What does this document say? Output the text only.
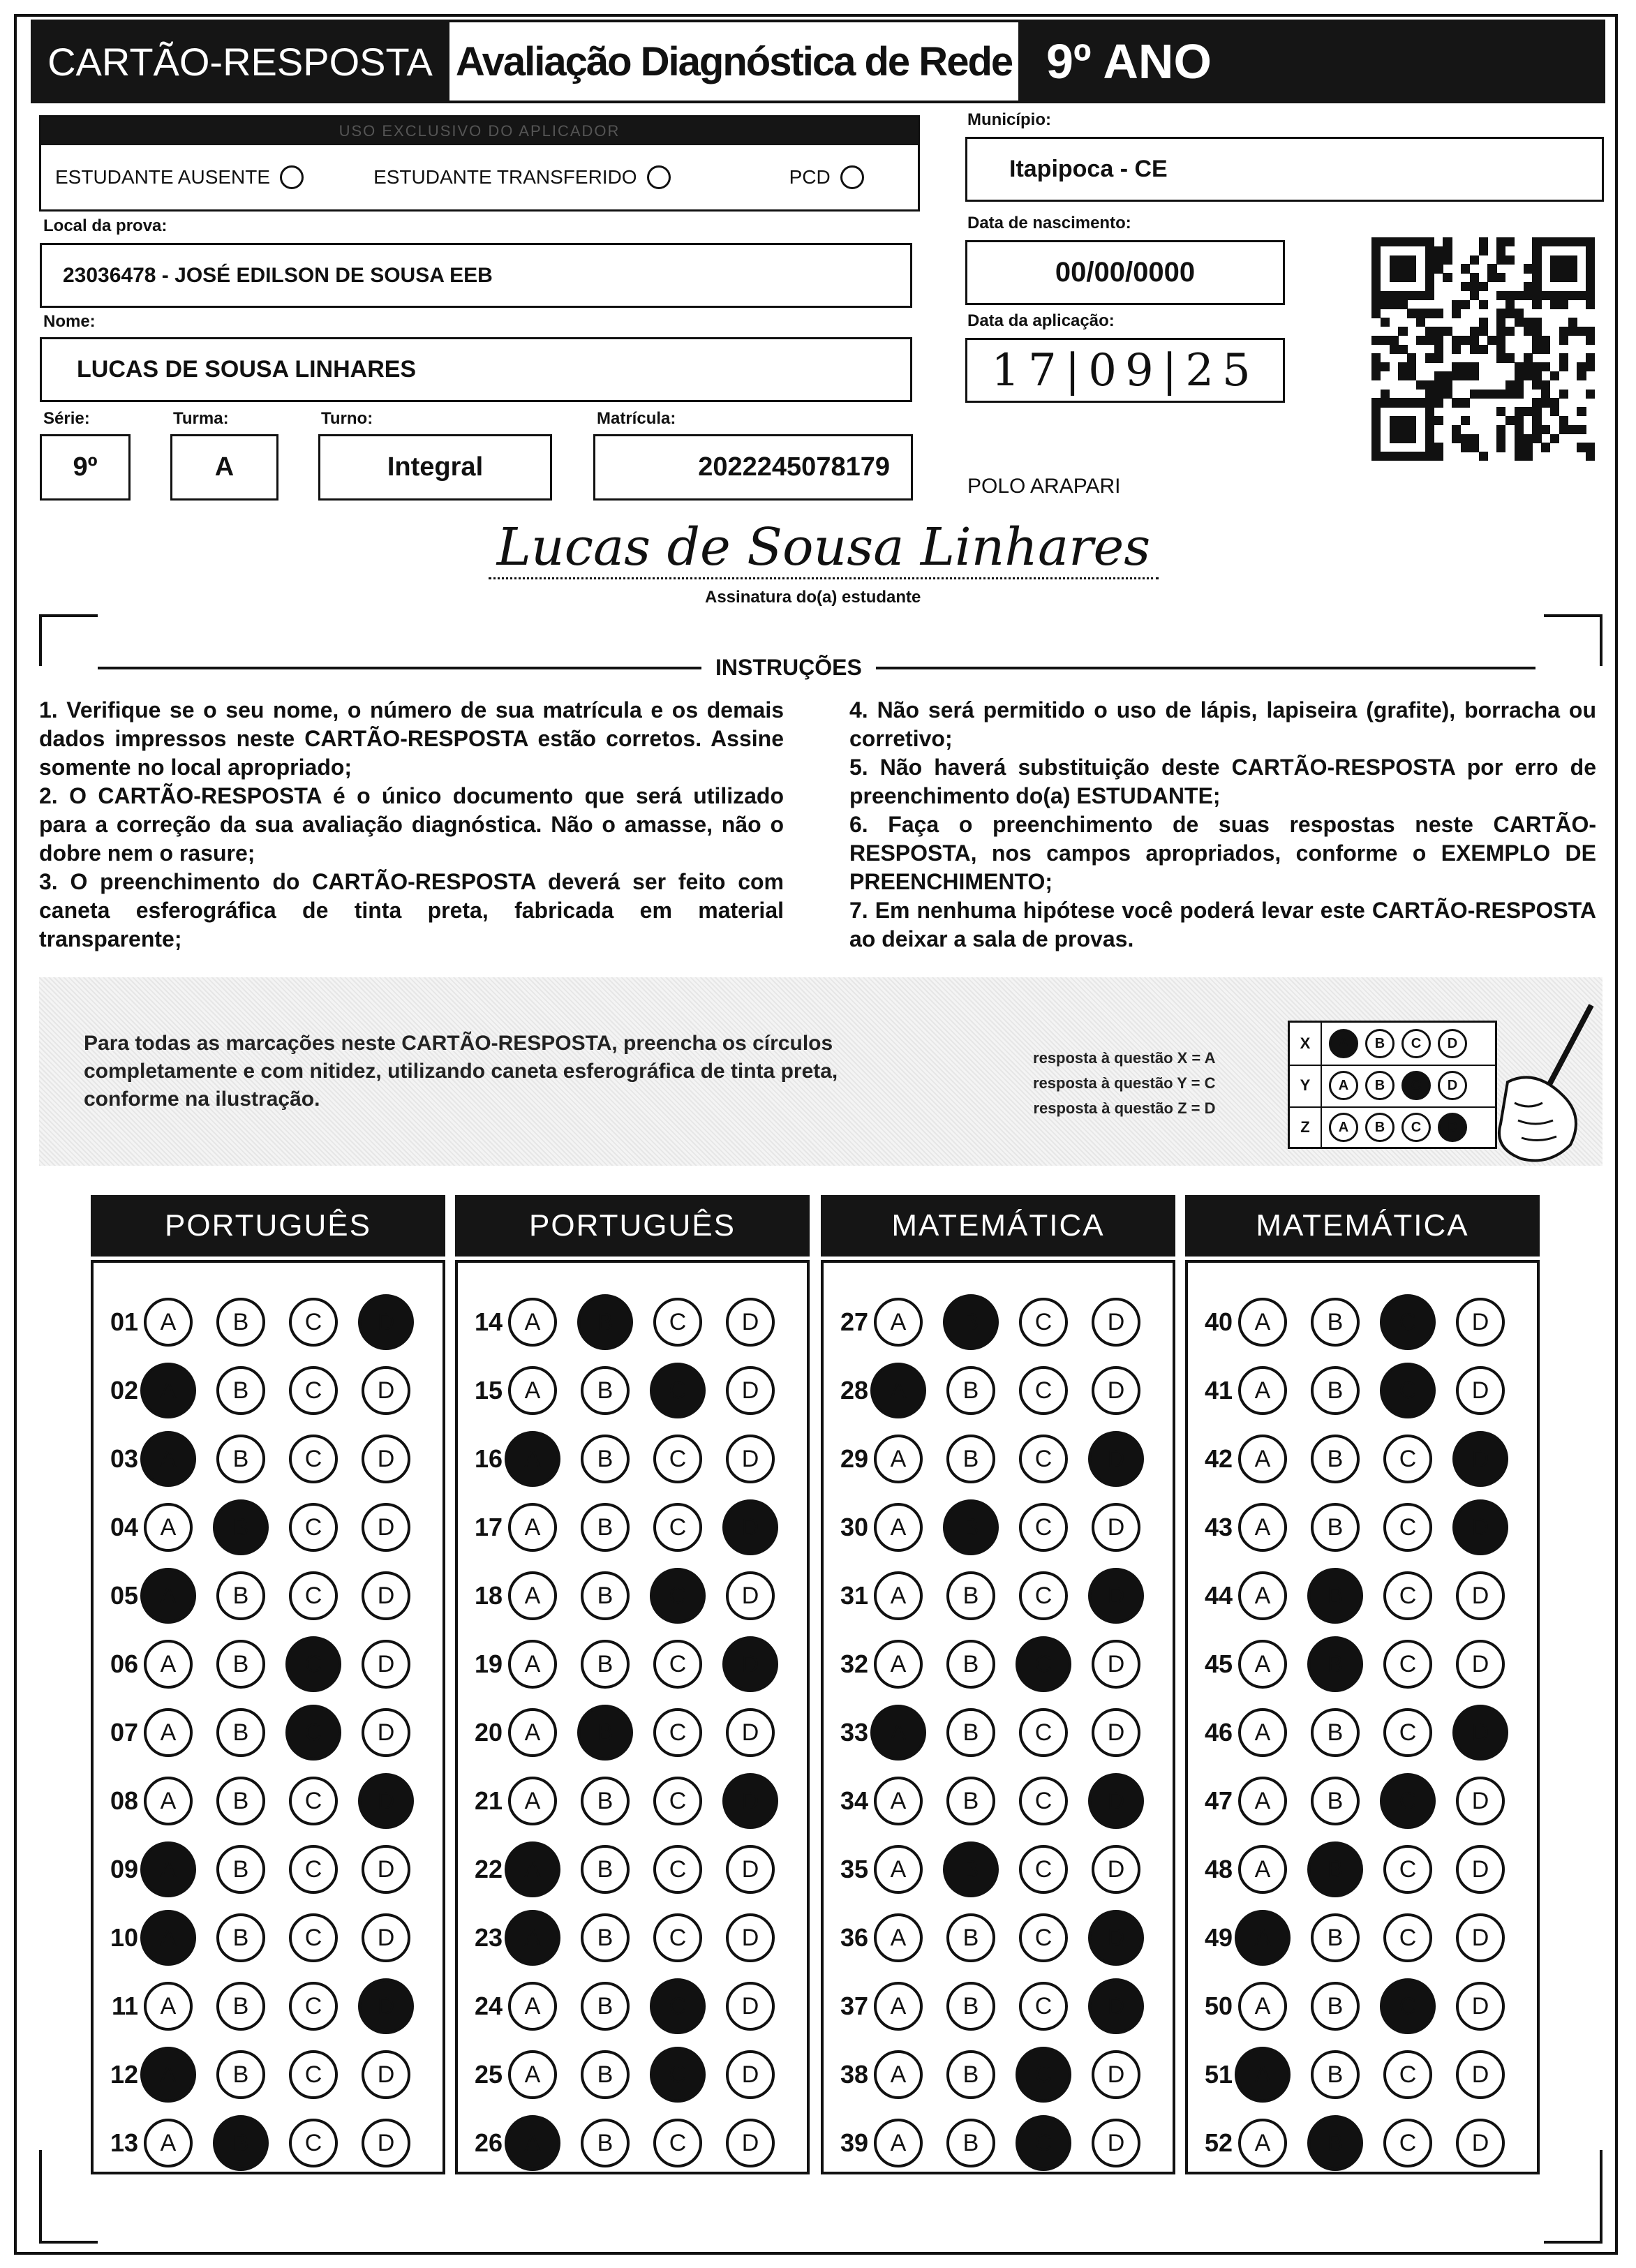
CARTÃO-RESPOSTA Avaliação Diagnóstica de Rede 9º ANO
USO EXCLUSIVO DO APLICADOR
ESTUDANTE AUSENTE	ESTUDANTE TRANSFERIDO	PCD
Município:
Itapipoca - CE
Local da prova:
23036478 - JOSÉ EDILSON DE SOUSA EEB
Data de nascimento:
00/00/0000
Data da aplicação:
17|09|25
Nome:
LUCAS DE SOUSA LINHARES
Série:
9º
Turma:
A
Turno:
Integral
Matrícula:
2022245078179
POLO ARAPARI
Lucas de Sousa Linhares
Assinatura do(a) estudante
INSTRUÇÕES

1. Verifique se o seu nome, o número de sua matrícula e os demais dados impressos neste CARTÃO-RESPOSTA estão corretos. Assine somente no local apropriado;

2. O CARTÃO-RESPOSTA é o único documento que será utilizado para a correção da sua avaliação diagnóstica. Não o amasse, não o dobre nem o rasure;

3. O preenchimento do CARTÃO-RESPOSTA deverá ser feito com caneta esferográfica de tinta preta, fabricada em material transparente;

4. Não será permitido o uso de lápis, lapiseira (grafite), borracha ou corretivo;

5. Não haverá substituição deste CARTÃO-RESPOSTA por erro de preenchimento do(a) ESTUDANTE;

6. Faça o preenchimento de suas respostas neste CARTÃO-RESPOSTA, nos campos apropriados, conforme o EXEMPLO DE PREENCHIMENTO;

7. Em nenhuma hipótese você poderá levar este CARTÃO-RESPOSTA ao deixar a sala de provas.

Para todas as marcações neste CARTÃO-RESPOSTA, preencha os círculos completamente e com nitidez, utilizando caneta esferográfica de tinta preta, conforme na ilustração.
resposta à questão X = A
resposta à questão Y = C
resposta à questão Z = D
X	A	B	C	D
Y	A	B	C	D
Z	A	B	C	D
PORTUGUÊS
01 A	B	C	D
02 A	B	C	D
03 A	B	C	D
04 A	B	C	D
05 A	B	C	D
06 A	B	C	D
07 A	B	C	D
08 A	B	C	D
09 A	B	C	D
10 A	B	C	D
11 A	B	C	D
12 A	B	C	D
13 A	B	C	D
PORTUGUÊS
14 A	B	C	D
15 A	B	C	D
16 A	B	C	D
17 A	B	C	D
18 A	B	C	D
19 A	B	C	D
20 A	B	C	D
21 A	B	C	D
22 A	B	C	D
23 A	B	C	D
24 A	B	C	D
25 A	B	C	D
26 A	B	C	D
MATEMÁTICA
27 A	B	C	D
28 A	B	C	D
29 A	B	C	D
30 A	B	C	D
31 A	B	C	D
32 A	B	C	D
33 A	B	C	D
34 A	B	C	D
35 A	B	C	D
36 A	B	C	D
37 A	B	C	D
38 A	B	C	D
39 A	B	C	D
MATEMÁTICA
40 A	B	C	D
41 A	B	C	D
42 A	B	C	D
43 A	B	C	D
44 A	B	C	D
45 A	B	C	D
46 A	B	C	D
47 A	B	C	D
48 A	B	C	D
49 A	B	C	D
50 A	B	C	D
51 A	B	C	D
52 A	B	C	D
